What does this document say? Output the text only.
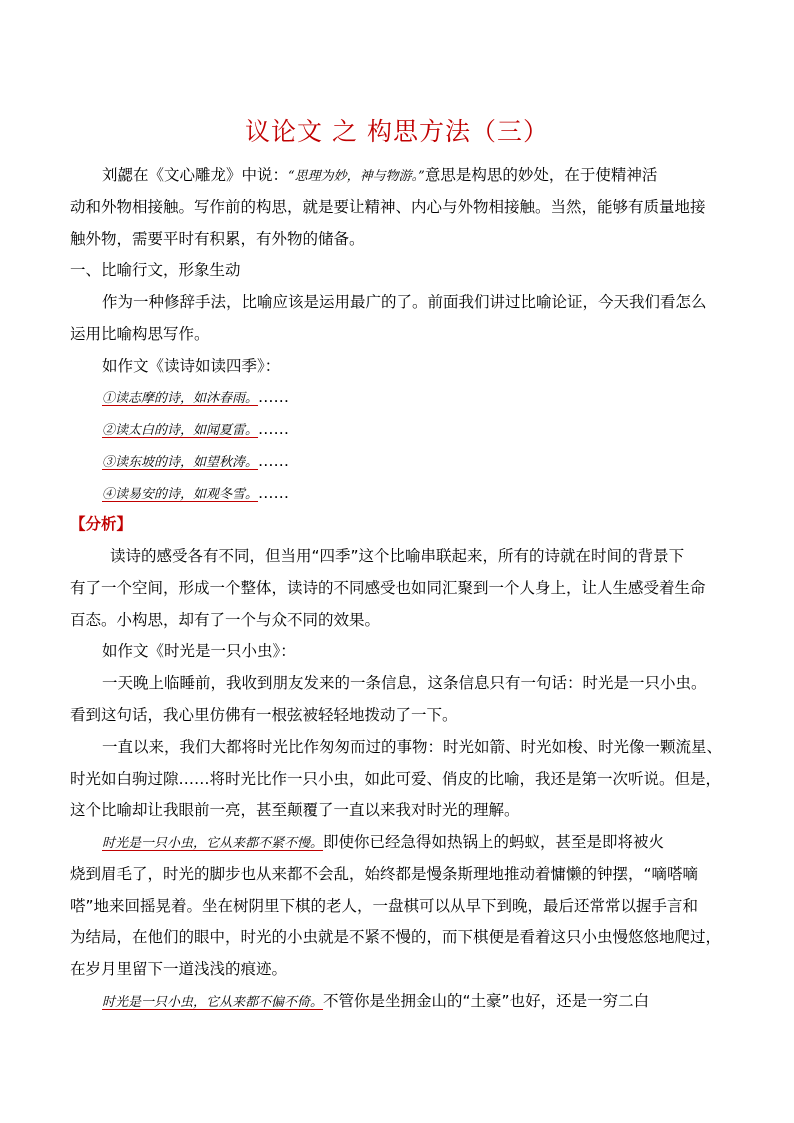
议论文 之 构思方法（三）
刘勰在《文心雕龙》中说：“思理为妙，神与物游。”意思是构思的妙处，在于使精神活
动和外物相接触。写作前的构思，就是要让精神、内心与外物相接触。当然，能够有质量地接
触外物，需要平时有积累，有外物的储备。
一、比喻行文，形象生动
作为一种修辞手法，比喻应该是运用最广的了。前面我们讲过比喻论证，今天我们看怎么
运用比喻构思写作。
如作文《读诗如读四季》：
①读志摩的诗，如沐春雨。……
②读太白的诗，如闻夏雷。……
③读东坡的诗，如望秋涛。……
④读易安的诗，如观冬雪。……
【分析】
读诗的感受各有不同，但当用“四季”这个比喻串联起来，所有的诗就在时间的背景下
有了一个空间，形成一个整体，读诗的不同感受也如同汇聚到一个人身上，让人生感受着生命
百态。小构思，却有了一个与众不同的效果。
如作文《时光是一只小虫》：
一天晚上临睡前，我收到朋友发来的一条信息，这条信息只有一句话：时光是一只小虫。
看到这句话，我心里仿佛有一根弦被轻轻地拨动了一下。
一直以来，我们大都将时光比作匆匆而过的事物：时光如箭、时光如梭、时光像一颗流星、
时光如白驹过隙……将时光比作一只小虫，如此可爱、俏皮的比喻，我还是第一次听说。但是，
这个比喻却让我眼前一亮，甚至颠覆了一直以来我对时光的理解。
时光是一只小虫，它从来都不紧不慢。即使你已经急得如热锅上的蚂蚁，甚至是即将被火
烧到眉毛了，时光的脚步也从来都不会乱，始终都是慢条斯理地推动着慵懒的钟摆，“嘀嗒嘀
嗒”地来回摇晃着。坐在树阴里下棋的老人，一盘棋可以从早下到晚，最后还常常以握手言和
为结局，在他们的眼中，时光的小虫就是不紧不慢的，而下棋便是看着这只小虫慢悠悠地爬过，
在岁月里留下一道浅浅的痕迹。
时光是一只小虫，它从来都不偏不倚。不管你是坐拥金山的“土豪”也好，还是一穷二白
